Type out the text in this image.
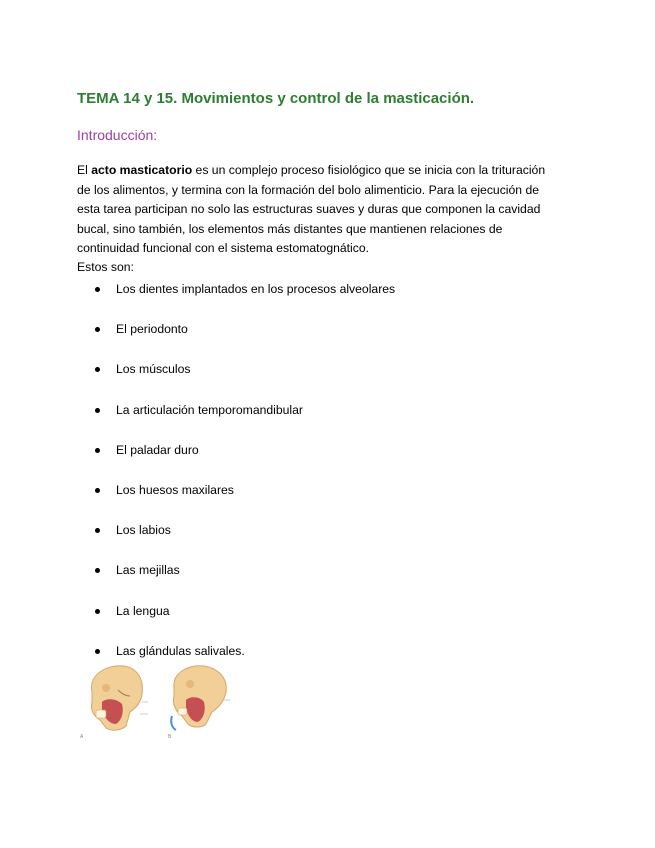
TEMA 14 y 15. Movimientos y control de la masticación.
Introducción:

El acto masticatorio es un complejo proceso fisiológico que se inicia con la trituración

de los alimentos, y termina con la formación del bolo alimenticio. Para la ejecución de

esta tarea participan no solo las estructuras suaves y duras que componen la cavidad

bucal, sino también, los elementos más distantes que mantienen relaciones de

continuidad funcional con el sistema estomatognático.

Estos son:
Los dientes implantados en los procesos alveolares
El periodonto
Los músculos
La articulación temporomandibular
El paladar duro
Los huesos maxilares
Los labios
Las mejillas
La lengua
Las glándulas salivales.
A	B
